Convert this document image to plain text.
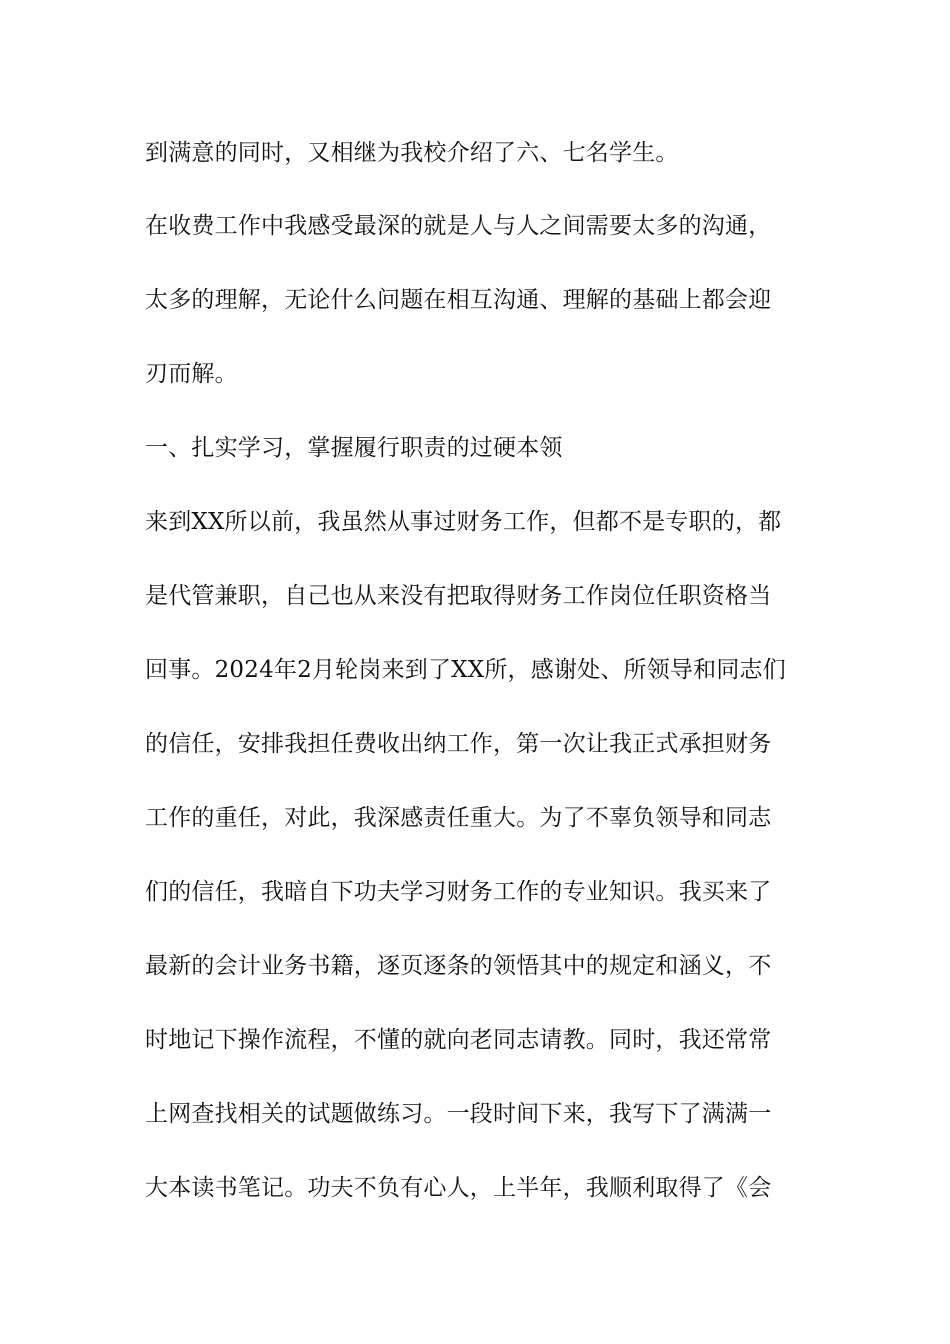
到满意的同时，又相继为我校介绍了六、七名学生。

在收费工作中我感受最深的就是人与人之间需要太多的沟通，

太多的理解，无论什么问题在相互沟通、理解的基础上都会迎

刃而解。

一、扎实学习，掌握履行职责的过硬本领

来到XX所以前，我虽然从事过财务工作，但都不是专职的，都

是代管兼职，自己也从来没有把取得财务工作岗位任职资格当

回事。2024年2月轮岗来到了XX所，感谢处、所领导和同志们

的信任，安排我担任费收出纳工作，第一次让我正式承担财务

工作的重任，对此，我深感责任重大。为了不辜负领导和同志

们的信任，我暗自下功夫学习财务工作的专业知识。我买来了

最新的会计业务书籍，逐页逐条的领悟其中的规定和涵义，不

时地记下操作流程，不懂的就向老同志请教。同时，我还常常

上网查找相关的试题做练习。一段时间下来，我写下了满满一

大本读书笔记。功夫不负有心人，上半年，我顺利取得了《会
